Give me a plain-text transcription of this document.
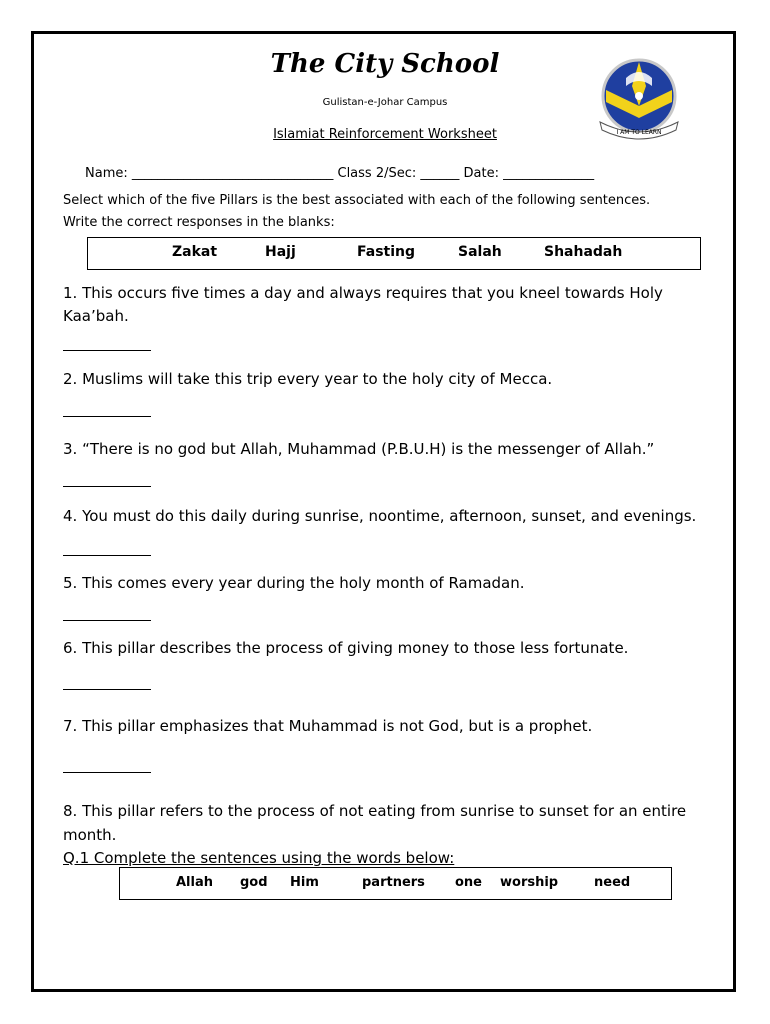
The City School
Gulistan-e-Johar Campus
Islamiat Reinforcement Worksheet	I AM TO LEARN
Name: _______________________________ Class 2/Sec: ______ Date: ______________
Select which of the five Pillars is the best associated with each of the following sentences.
Write the correct responses in the blanks:
Zakat	Hajj	Fasting	Salah	Shahadah
1. This occurs five times a day and always requires that you kneel towards Holy
Kaa’bah.
2. Muslims will take this trip every year to the holy city of Mecca.
3. “There is no god but Allah, Muhammad (P.B.U.H) is the messenger of Allah.”
4. You must do this daily during sunrise, noontime, afternoon, sunset, and evenings.
5. This comes every year during the holy month of Ramadan.
6. This pillar describes the process of giving money to those less fortunate.
7. This pillar emphasizes that Muhammad is not God, but is a prophet.
8. This pillar refers to the process of not eating from sunrise to sunset for an entire
month.
Q.1 Complete the sentences using the words below:
Allah god Him	partners one worship	need
